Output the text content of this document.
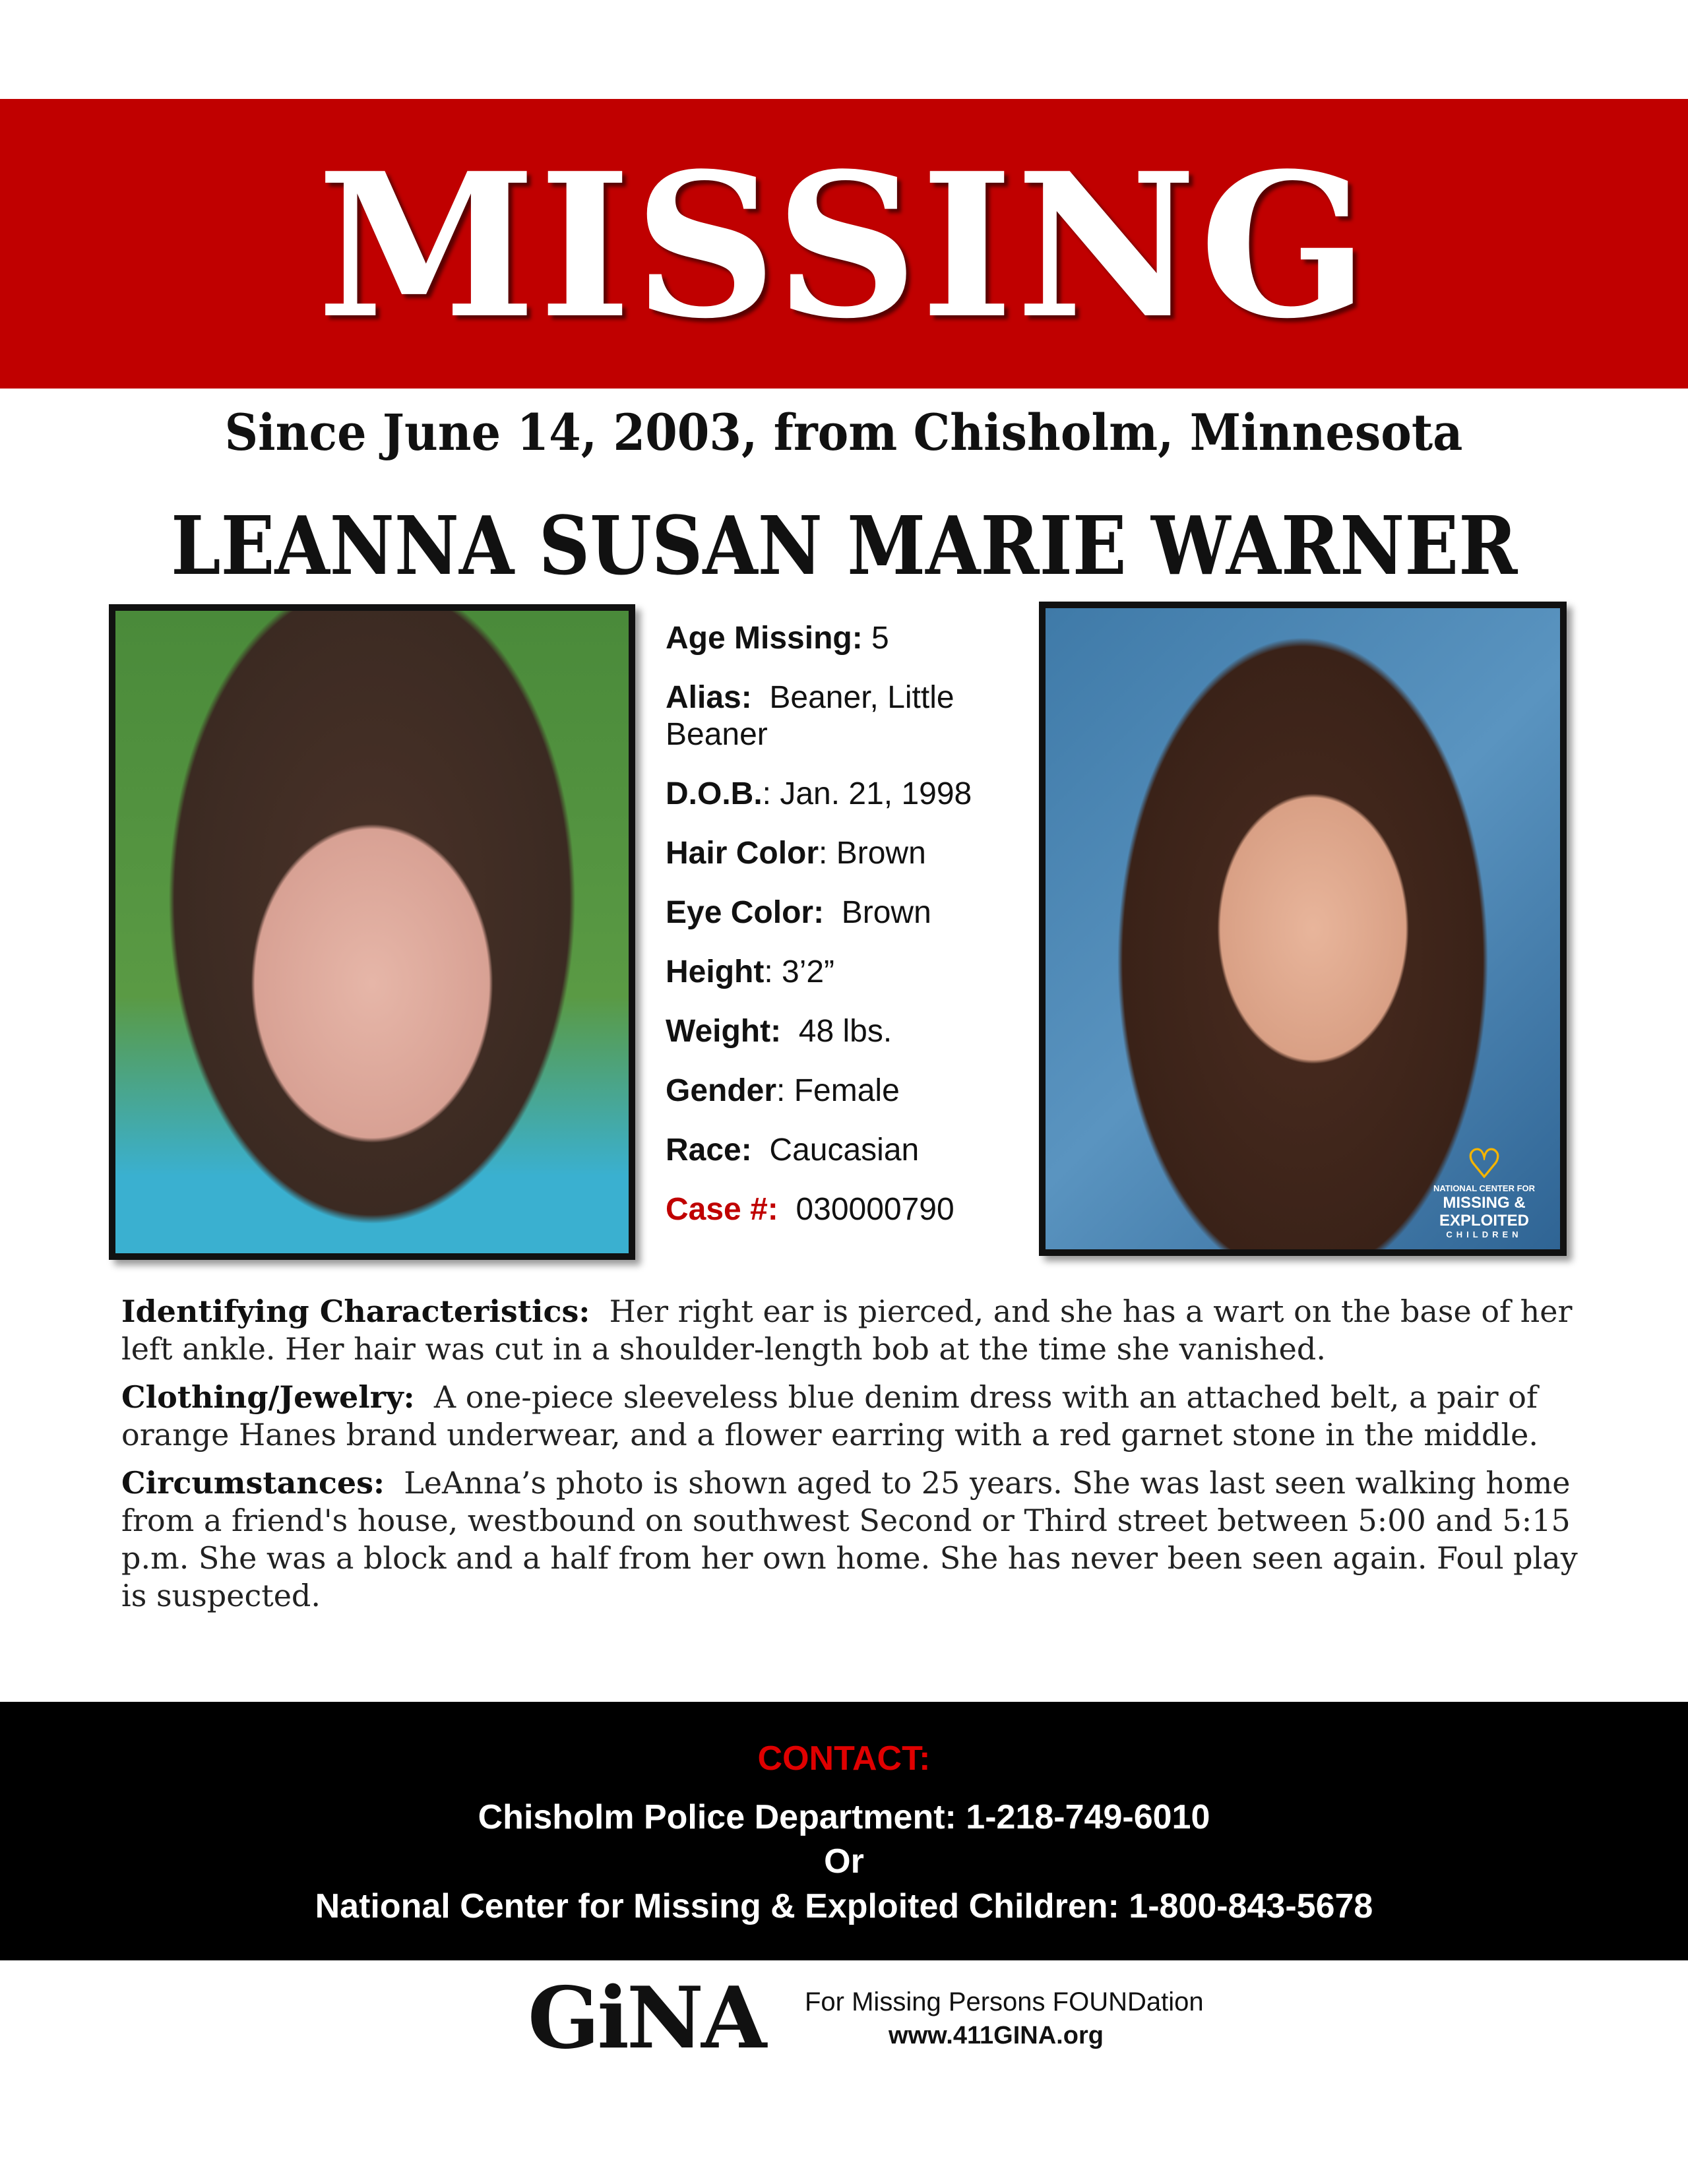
MISSING
Since June 14, 2003, from Chisholm, Minnesota
LEANNA SUSAN MARIE WARNER
♡
NATIONAL CENTER FOR
MISSING &
EXPLOITED
CHILDREN
Age Missing: 5
Alias: Beaner, Little Beaner
D.O.B.: Jan. 21, 1998
Hair Color: Brown
Eye Color: Brown
Height: 3’2”
Weight: 48 lbs.
Gender: Female
Race: Caucasian
Case #: 030000790

Identifying Characteristics: Her right ear is pierced, and she has a wart on the base of her left ankle. Her hair was cut in a shoulder-length bob at the time she vanished.

Clothing/Jewelry: A one-piece sleeveless blue denim dress with an attached belt, a pair of orange Hanes brand underwear, and a flower earring with a red garnet stone in the middle.

Circumstances: LeAnna’s photo is shown aged to 25 years. She was last seen walking home from a friend's house, westbound on southwest Second or Third street between 5:00 and 5:15 p.m. She was a block and a half from her own home. She has never been seen again. Foul play is suspected.

CONTACT:
Chisholm Police Department: 1-218-749-6010
Or
National Center for Missing & Exploited Children: 1-800-843-5678
GiNA For Missing Persons FOUNDation
www.411GINA.org
